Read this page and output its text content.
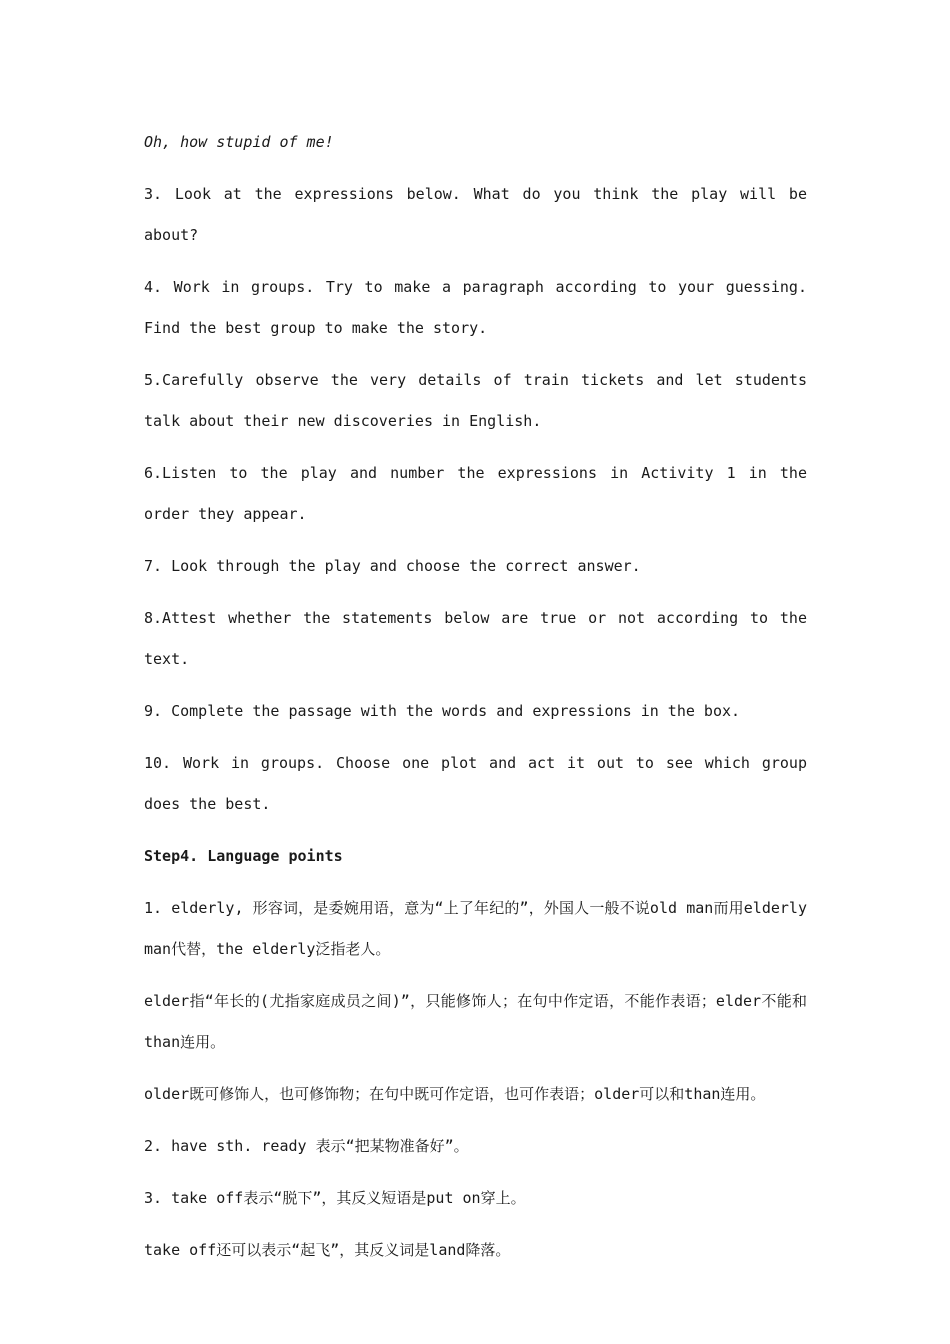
Oh, how stupid of me!

3. Look at the expressions below. What do you think the play will be about?

4. Work in groups. Try to make a paragraph according to your guessing. Find the best group to make the story.

5.Carefully observe the very details of train tickets and let students talk about their new discoveries in English.

6.Listen to the play and number the expressions in Activity 1 in the order they appear.

7. Look through the play and choose the correct answer.

8.Attest whether the statements below are true or not according to the text.

9. Complete the passage with the words and expressions in the box.

10. Work in groups. Choose one plot and act it out to see which group does the best.

Step4. Language points

1. elderly, 形容词，是委婉用语，意为“上了年纪的”，外国人一般不说old man而用elderly man代替，the elderly泛指老人。

elder指“年长的(尤指家庭成员之间)”，只能修饰人；在句中作定语，不能作表语；elder不能和than连用。

older既可修饰人，也可修饰物；在句中既可作定语，也可作表语；older可以和than连用。

2. have sth. ready 表示“把某物准备好”。

3. take off表示“脱下”，其反义短语是put on穿上。

take off还可以表示“起飞”，其反义词是land降落。
